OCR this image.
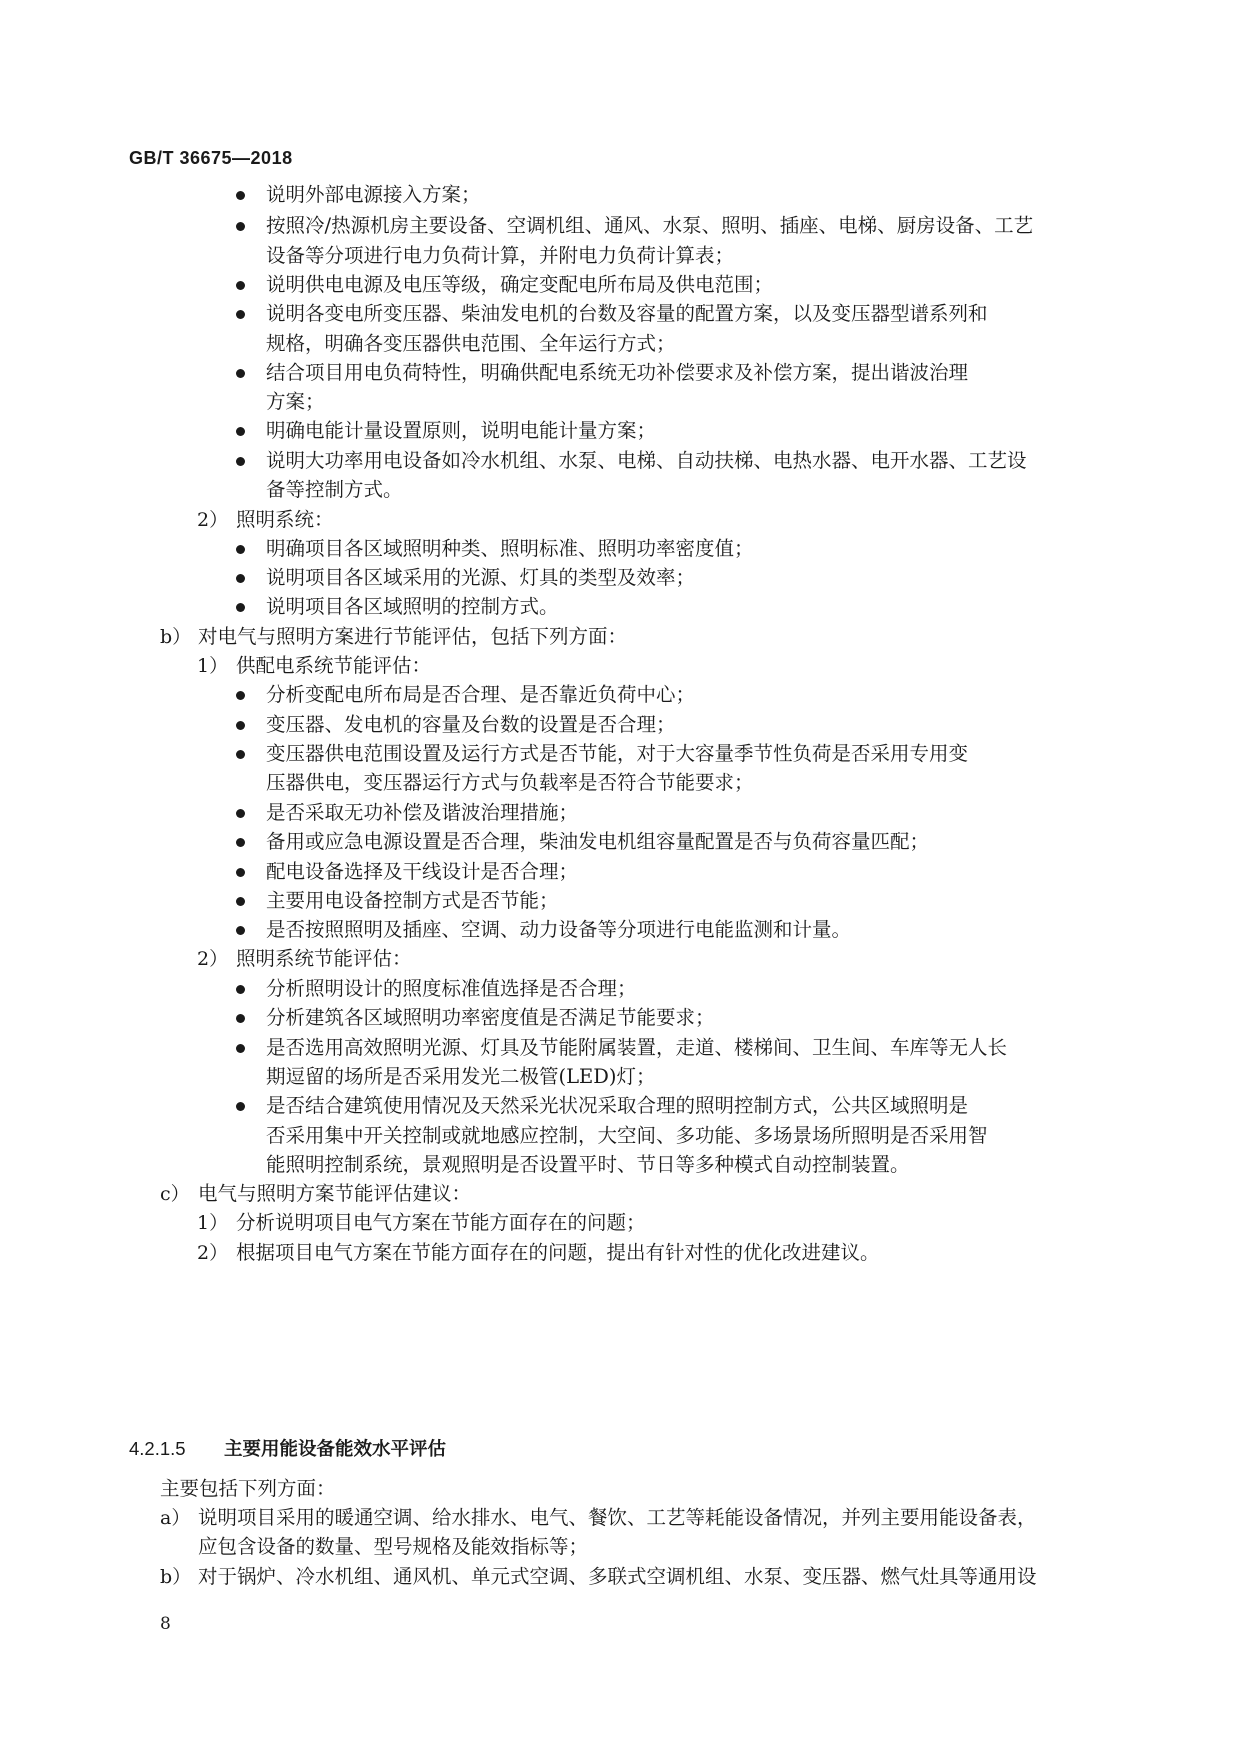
GB/T 36675—2018
说明外部电源接入方案；
按照冷/热源机房主要设备、空调机组、通风、水泵、照明、插座、电梯、厨房设备、工艺
设备等分项进行电力负荷计算，并附电力负荷计算表；
说明供电电源及电压等级，确定变配电所布局及供电范围；
说明各变电所变压器、柴油发电机的台数及容量的配置方案，以及变压器型谱系列和
规格，明确各变压器供电范围、全年运行方式；
结合项目用电负荷特性，明确供配电系统无功补偿要求及补偿方案，提出谐波治理
方案；
明确电能计量设置原则，说明电能计量方案；
说明大功率用电设备如冷水机组、水泵、电梯、自动扶梯、电热水器、电开水器、工艺设
备等控制方式。
2） 照明系统：
明确项目各区域照明种类、照明标准、照明功率密度值；
说明项目各区域采用的光源、灯具的类型及效率；
说明项目各区域照明的控制方式。
b） 对电气与照明方案进行节能评估，包括下列方面：
1） 供配电系统节能评估：
分析变配电所布局是否合理、是否靠近负荷中心；
变压器、发电机的容量及台数的设置是否合理；
变压器供电范围设置及运行方式是否节能，对于大容量季节性负荷是否采用专用变
压器供电，变压器运行方式与负载率是否符合节能要求；
是否采取无功补偿及谐波治理措施；
备用或应急电源设置是否合理，柴油发电机组容量配置是否与负荷容量匹配；
配电设备选择及干线设计是否合理；
主要用电设备控制方式是否节能；
是否按照照明及插座、空调、动力设备等分项进行电能监测和计量。
2） 照明系统节能评估：
分析照明设计的照度标准值选择是否合理；
分析建筑各区域照明功率密度值是否满足节能要求；
是否选用高效照明光源、灯具及节能附属装置，走道、楼梯间、卫生间、车库等无人长
期逗留的场所是否采用发光二极管(LED)灯；
是否结合建筑使用情况及天然采光状况采取合理的照明控制方式，公共区域照明是
否采用集中开关控制或就地感应控制，大空间、多功能、多场景场所照明是否采用智
能照明控制系统，景观照明是否设置平时、节日等多种模式自动控制装置。
c） 电气与照明方案节能评估建议：
1） 分析说明项目电气方案在节能方面存在的问题；
2） 根据项目电气方案在节能方面存在的问题，提出有针对性的优化改进建议。
4.2.1.5 主要用能设备能效水平评估
主要包括下列方面：
a） 说明项目采用的暖通空调、给水排水、电气、餐饮、工艺等耗能设备情况，并列主要用能设备表，
应包含设备的数量、型号规格及能效指标等；
b） 对于锅炉、冷水机组、通风机、单元式空调、多联式空调机组、水泵、变压器、燃气灶具等通用设
8
